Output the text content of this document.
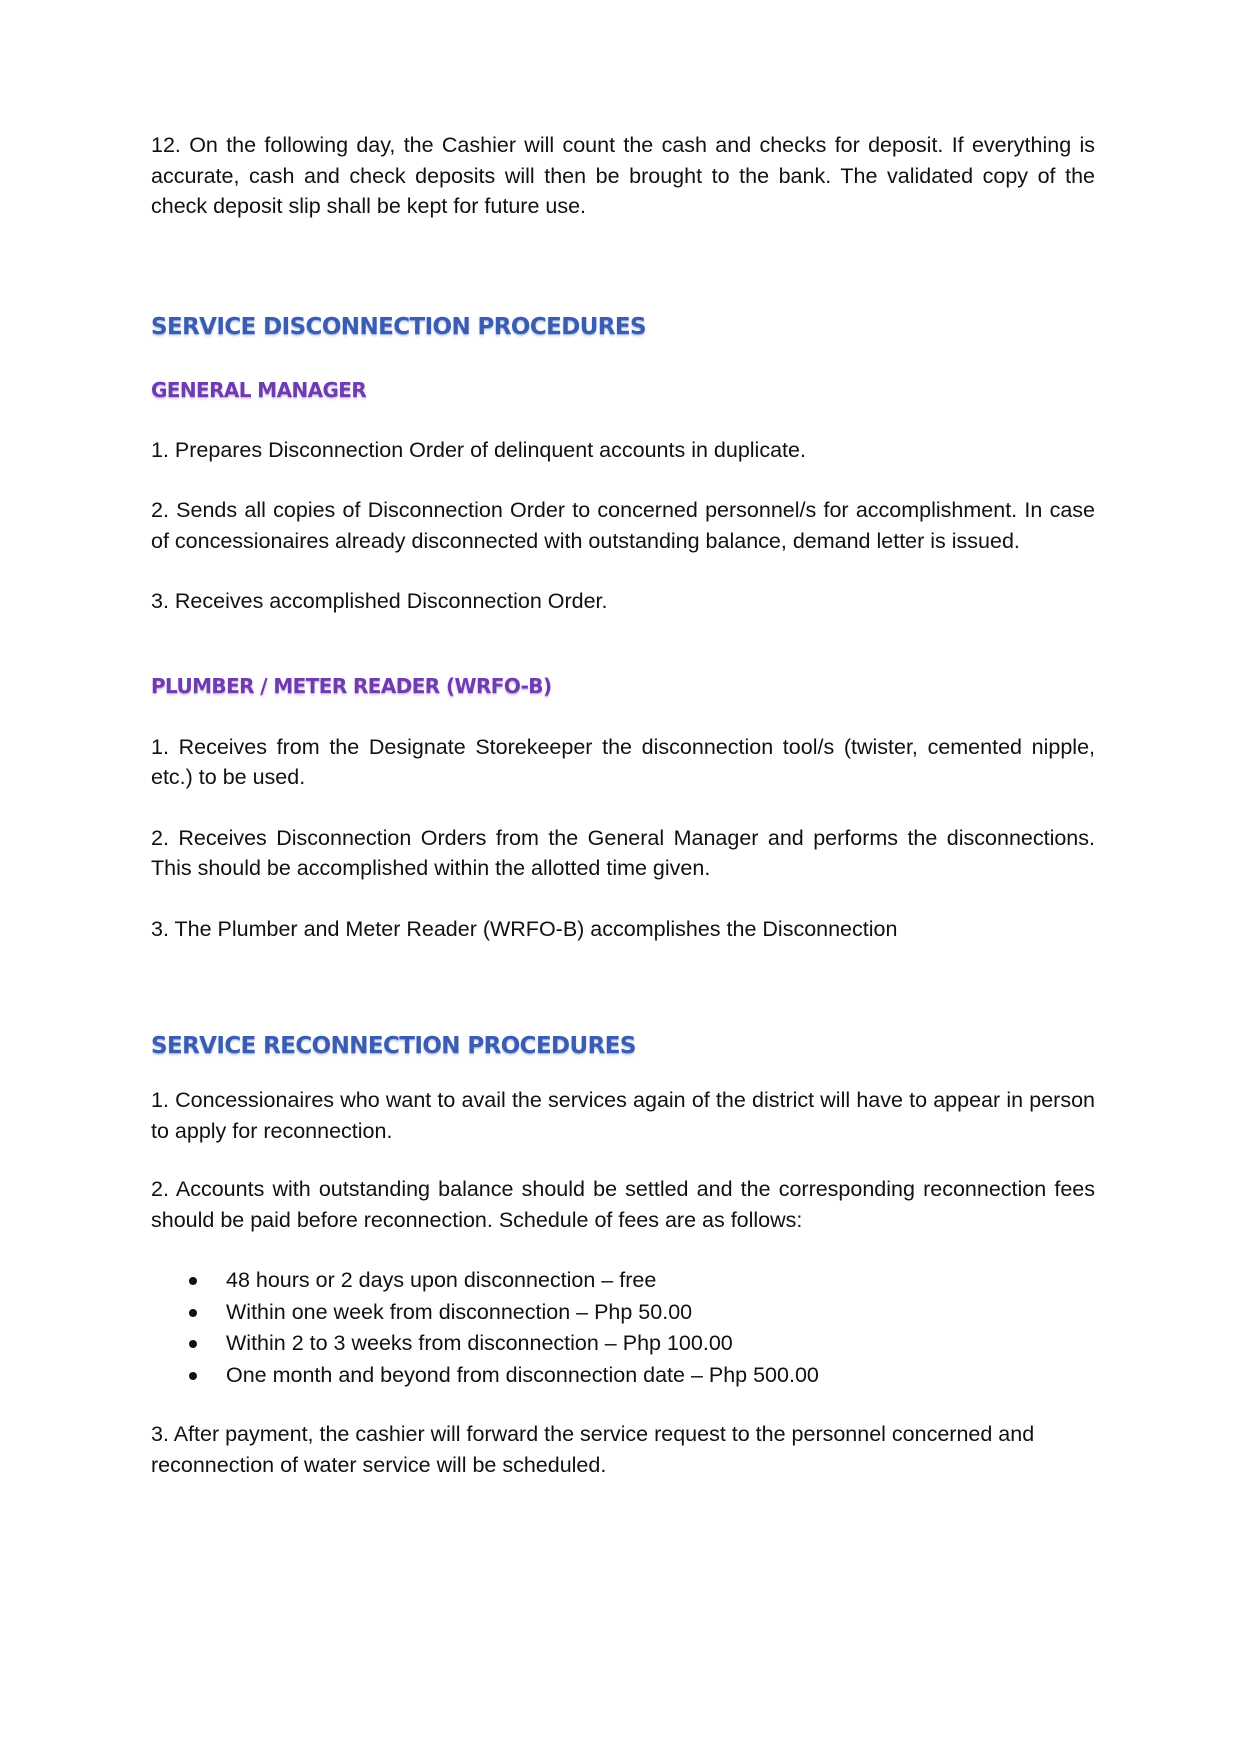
12. On the following day, the Cashier will count the cash and checks for deposit. If everything is accurate, cash and check deposits will then be brought to the bank. The validated copy of the check deposit slip shall be kept for future use.

SERVICE DISCONNECTION PROCEDURES
GENERAL MANAGER

1. Prepares Disconnection Order of delinquent accounts in duplicate.

2. Sends all copies of Disconnection Order to concerned personnel/s for accomplishment. In case of concessionaires already disconnected with outstanding balance, demand letter is issued.

3. Receives accomplished Disconnection Order.

PLUMBER / METER READER (WRFO-B)

1. Receives from the Designate Storekeeper the disconnection tool/s (twister, cemented nipple, etc.) to be used.

2. Receives Disconnection Orders from the General Manager and performs the disconnections. This should be accomplished within the allotted time given.

3. The Plumber and Meter Reader (WRFO-B) accomplishes the Disconnection

SERVICE RECONNECTION PROCEDURES

1. Concessionaires who want to avail the services again of the district will have to appear in person to apply for reconnection.

2. Accounts with outstanding balance should be settled and the corresponding reconnection fees should be paid before reconnection. Schedule of fees are as follows:

48 hours or 2 days upon disconnection – free
Within one week from disconnection – Php 50.00
Within 2 to 3 weeks from disconnection – Php 100.00
One month and beyond from disconnection date – Php 500.00

3. After payment, the cashier will forward the service request to the personnel concerned and reconnection of water service will be scheduled.
